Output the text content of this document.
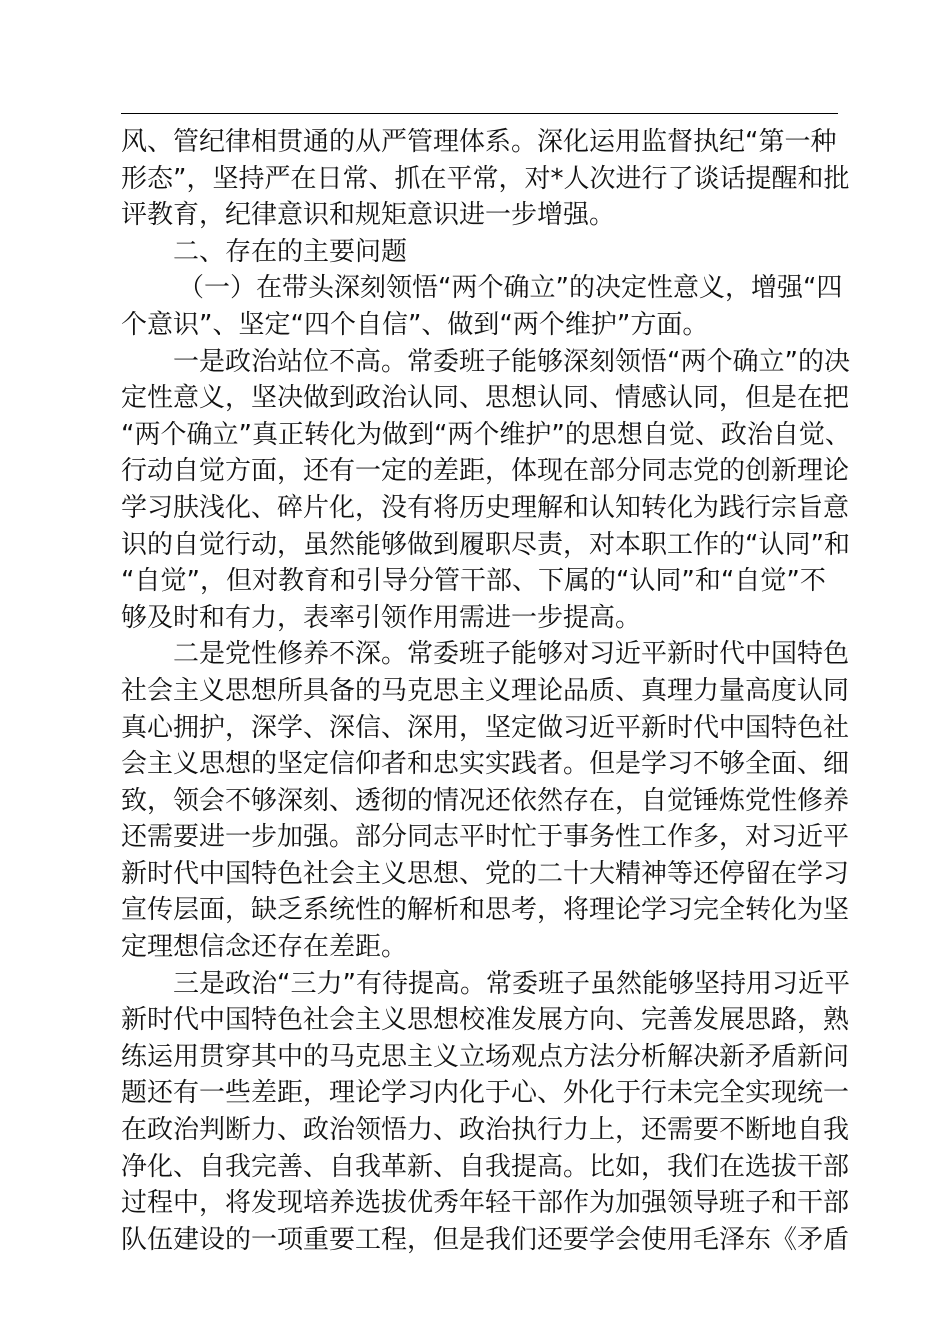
风、管纪律相贯通的从严管理体系。深化运用监督执纪“第一种
形态”，坚持严在日常、抓在平常，对*人次进行了谈话提醒和批
评教育，纪律意识和规矩意识进一步增强。
二、存在的主要问题
（一）在带头深刻领悟“两个确立”的决定性意义，增强“四
个意识”、坚定“四个自信”、做到“两个维护”方面。
一是政治站位不高。常委班子能够深刻领悟“两个确立”的决
定性意义，坚决做到政治认同、思想认同、情感认同，但是在把
“两个确立”真正转化为做到“两个维护”的思想自觉、政治自觉、
行动自觉方面，还有一定的差距，体现在部分同志党的创新理论
学习肤浅化、碎片化，没有将历史理解和认知转化为践行宗旨意
识的自觉行动，虽然能够做到履职尽责，对本职工作的“认同”和
“自觉”，但对教育和引导分管干部、下属的“认同”和“自觉”不
够及时和有力，表率引领作用需进一步提高。
二是党性修养不深。常委班子能够对习近平新时代中国特色
社会主义思想所具备的马克思主义理论品质、真理力量高度认同
真心拥护，深学、深信、深用，坚定做习近平新时代中国特色社
会主义思想的坚定信仰者和忠实实践者。但是学习不够全面、细
致，领会不够深刻、透彻的情况还依然存在，自觉锤炼党性修养
还需要进一步加强。部分同志平时忙于事务性工作多，对习近平
新时代中国特色社会主义思想、党的二十大精神等还停留在学习
宣传层面，缺乏系统性的解析和思考，将理论学习完全转化为坚
定理想信念还存在差距。
三是政治“三力”有待提高。常委班子虽然能够坚持用习近平
新时代中国特色社会主义思想校准发展方向、完善发展思路，熟
练运用贯穿其中的马克思主义立场观点方法分析解决新矛盾新问
题还有一些差距，理论学习内化于心、外化于行未完全实现统一
在政治判断力、政治领悟力、政治执行力上，还需要不断地自我
净化、自我完善、自我革新、自我提高。比如，我们在选拔干部
过程中，将发现培养选拔优秀年轻干部作为加强领导班子和干部
队伍建设的一项重要工程，但是我们还要学会使用毛泽东《矛盾
